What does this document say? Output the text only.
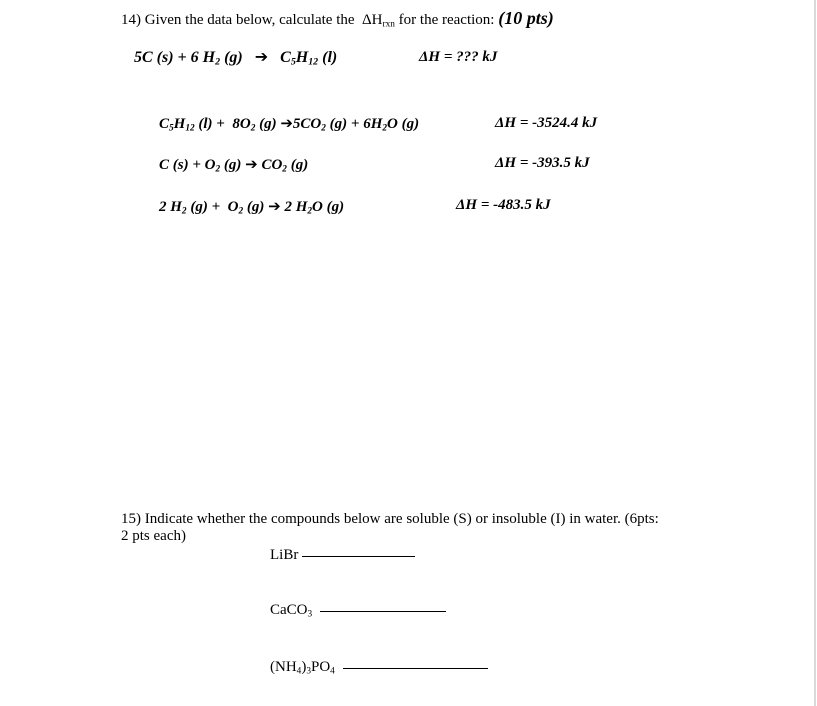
14) Given the data below, calculate the $\Delta H_{rxn}$ for the reaction: (10 pts)
5C (s) + 6 $H_2$ (g) ➔ $C_5H_{12}$ (l)	ΔH = ??? kJ
$C_5H_{12}$ $(l) + 8O_2$ (g) $➔5CO_2$ $(g) + 6H_2O$ (g)	ΔH = -3524.4 kJ
C $(s) + O_2$ (g) ➔ $CO_2$ (g)	ΔH = -393.5 kJ
2 $H_2$ $(g) + O_2$ (g) ➔ 2 $H_2O$ (g)	ΔH = -483.5 kJ
15) Indicate whether the compounds below are soluble (S) or insoluble (I) in water. (6pts:
2 pts each)
LiBr
CaCO$_3$
$(NH_4)_3PO_4$
